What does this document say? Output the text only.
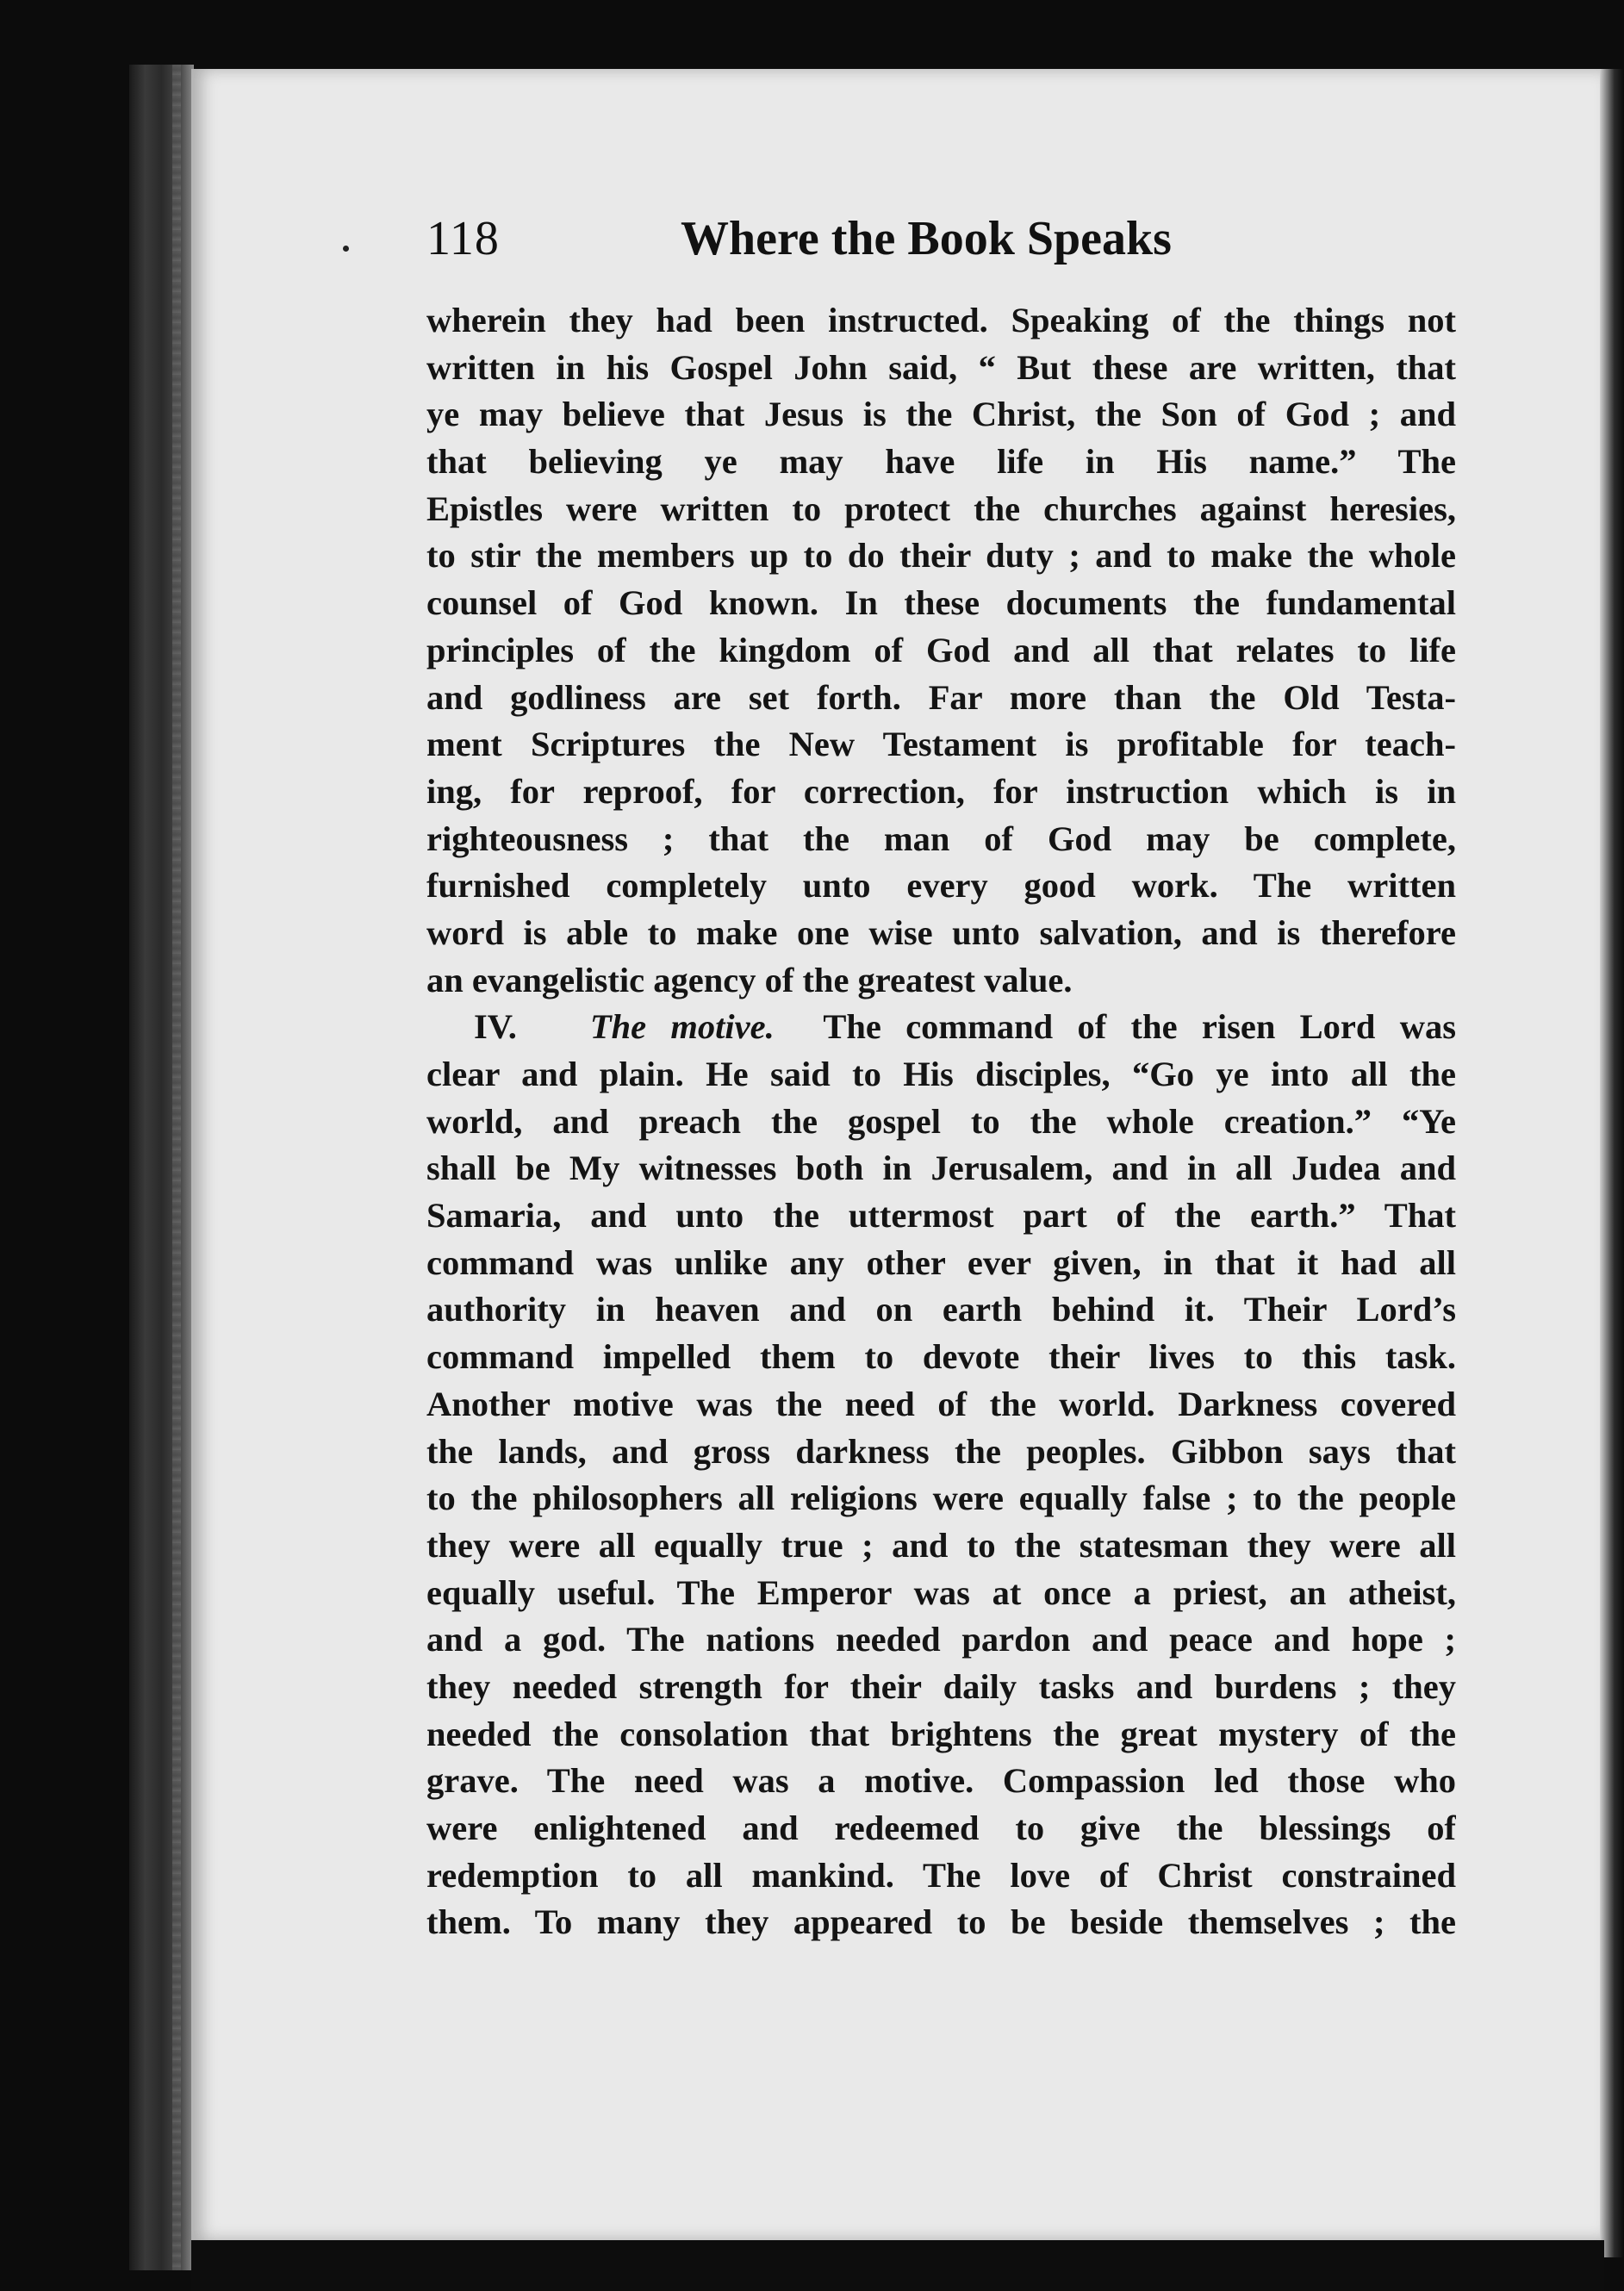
118	Where the Book Speaks
wherein they had been instructed. Speaking of the things not
written in his Gospel John said, “ But these are written, that
ye may believe that Jesus is the Christ, the Son of God ; and
that believing ye may have life in His name.” The
Epistles were written to protect the churches against heresies,
to stir the members up to do their duty ; and to make the whole
counsel of God known. In these documents the fundamental
principles of the kingdom of God and all that relates to life
and godliness are set forth. Far more than the Old Testa-
ment Scriptures the New Testament is profitable for teach-
ing, for reproof, for correction, for instruction which is in
righteousness ; that the man of God may be complete,
furnished completely unto every good work. The written
word is able to make one wise unto salvation, and is therefore
an evangelistic agency of the greatest value.
IV. The motive. The command of the risen Lord was
clear and plain. He said to His disciples, “Go ye into all the
world, and preach the gospel to the whole creation.” “Ye
shall be My witnesses both in Jerusalem, and in all Judea and
Samaria, and unto the uttermost part of the earth.” That
command was unlike any other ever given, in that it had all
authority in heaven and on earth behind it. Their Lord’s
command impelled them to devote their lives to this task.
Another motive was the need of the world. Darkness covered
the lands, and gross darkness the peoples. Gibbon says that
to the philosophers all religions were equally false ; to the people
they were all equally true ; and to the statesman they were all
equally useful. The Emperor was at once a priest, an atheist,
and a god. The nations needed pardon and peace and hope ;
they needed strength for their daily tasks and burdens ; they
needed the consolation that brightens the great mystery of the
grave. The need was a motive. Compassion led those who
were enlightened and redeemed to give the blessings of
redemption to all mankind. The love of Christ constrained
them. To many they appeared to be beside themselves ; the
